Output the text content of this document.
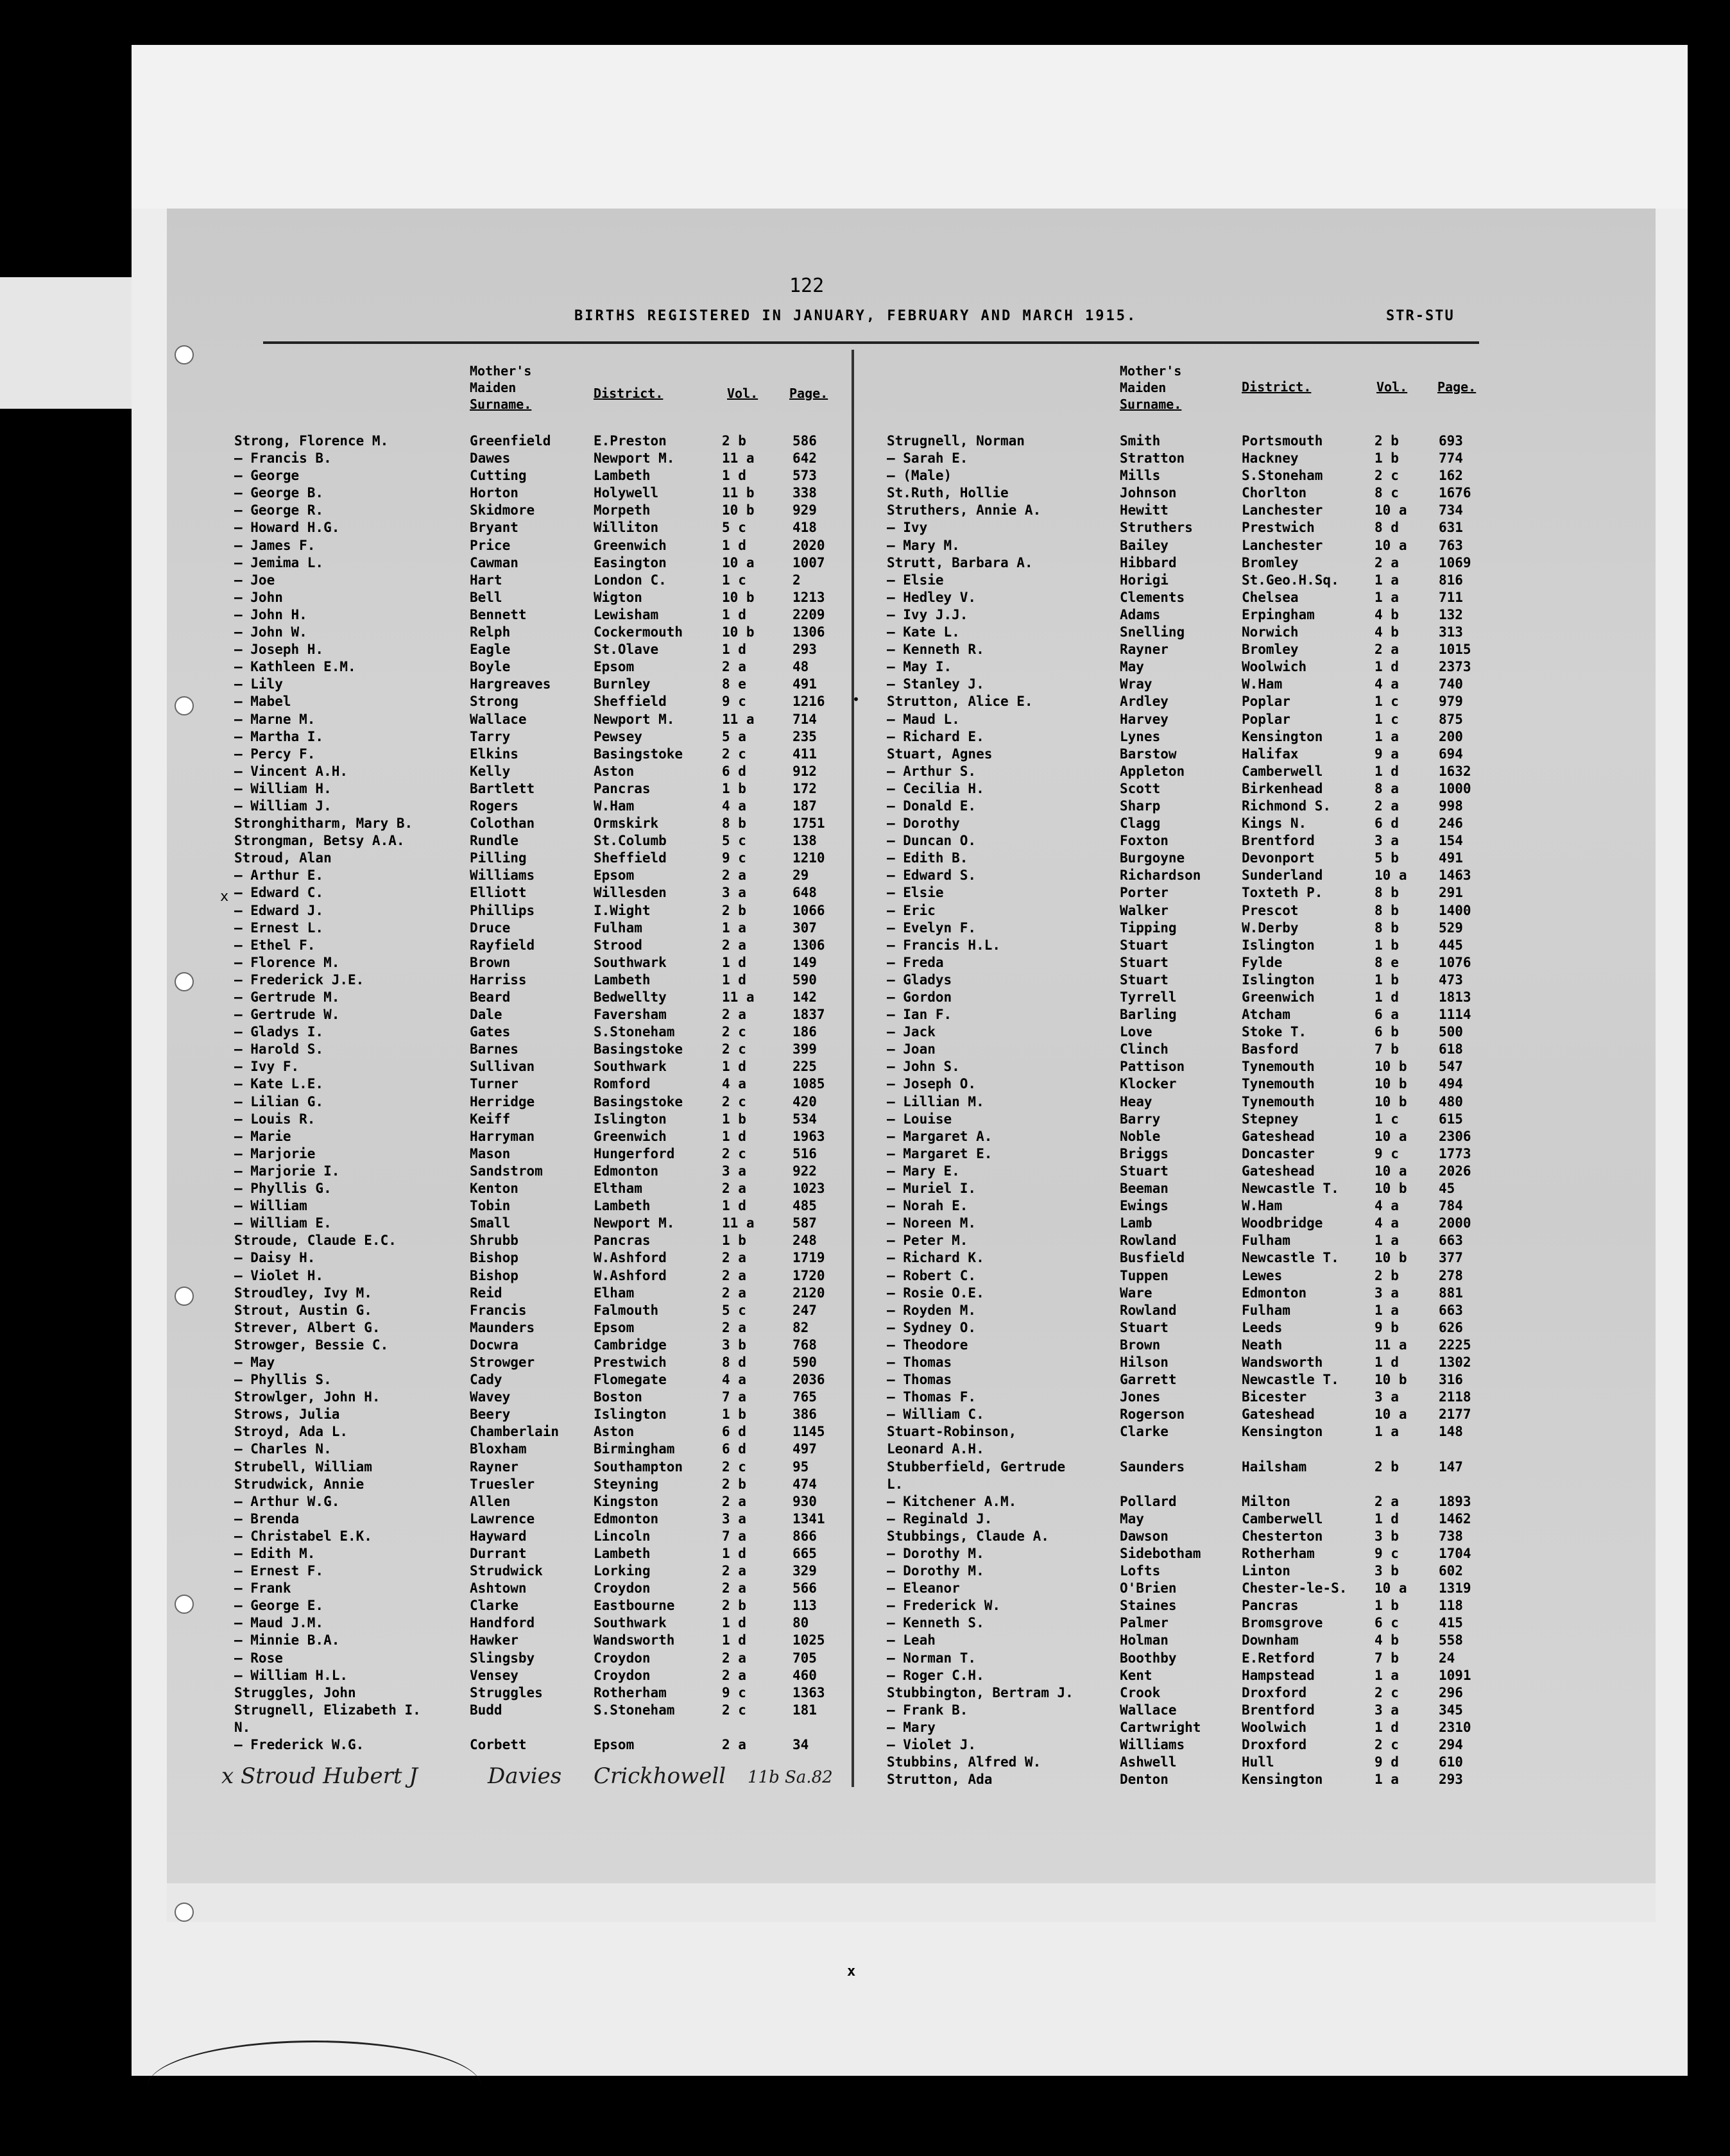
122
BIRTHS REGISTERED IN JANUARY, FEBRUARY AND MARCH 1915.	STR-STU
Mother's
Maiden
Surname.
District.	Vol. Page.
Mother's
Maiden
Surname.
District.	Vol. Page.
Strong, Florence M.	Greenfield	E.Preston	2 b	586
— Francis B.	Dawes	Newport M.	11 a	642
— George	Cutting	Lambeth	1 d	573
— George B.	Horton	Holywell	11 b	338
— George R.	Skidmore	Morpeth	10 b	929
— Howard H.G.	Bryant	Williton	5 c	418
— James F.	Price	Greenwich	1 d	2020
— Jemima L.	Cawman	Easington	10 a	1007
— Joe	Hart	London C.	1 c	2
— John	Bell	Wigton	10 b	1213
— John H.	Bennett	Lewisham	1 d	2209
— John W.	Relph	Cockermouth	10 b	1306
— Joseph H.	Eagle	St.Olave	1 d	293
— Kathleen E.M.	Boyle	Epsom	2 a	48
— Lily	Hargreaves	Burnley	8 e	491
— Mabel	Strong	Sheffield	9 c	1216
— Marne M.	Wallace	Newport M.	11 a	714
— Martha I.	Tarry	Pewsey	5 a	235
— Percy F.	Elkins	Basingstoke	2 c	411
— Vincent A.H.	Kelly	Aston	6 d	912
— William H.	Bartlett	Pancras	1 b	172
— William J.	Rogers	W.Ham	4 a	187
Stronghitharm, Mary B.	Colothan	Ormskirk	8 b	1751
Strongman, Betsy A.A.	Rundle	St.Columb	5 c	138
Stroud, Alan	Pilling	Sheffield	9 c	1210
— Arthur E.	Williams	Epsom	2 a	29
— Edward C.	Elliott	Willesden	3 a	648
— Edward J.	Phillips	I.Wight	2 b	1066
— Ernest L.	Druce	Fulham	1 a	307
— Ethel F.	Rayfield	Strood	2 a	1306
— Florence M.	Brown	Southwark	1 d	149
— Frederick J.E.	Harriss	Lambeth	1 d	590
— Gertrude M.	Beard	Bedwellty	11 a	142
— Gertrude W.	Dale	Faversham	2 a	1837
— Gladys I.	Gates	S.Stoneham	2 c	186
— Harold S.	Barnes	Basingstoke	2 c	399
— Ivy F.	Sullivan	Southwark	1 d	225
— Kate L.E.	Turner	Romford	4 a	1085
— Lilian G.	Herridge	Basingstoke	2 c	420
— Louis R.	Keiff	Islington	1 b	534
— Marie	Harryman	Greenwich	1 d	1963
— Marjorie	Mason	Hungerford	2 c	516
— Marjorie I.	Sandstrom	Edmonton	3 a	922
— Phyllis G.	Kenton	Eltham	2 a	1023
— William	Tobin	Lambeth	1 d	485
— William E.	Small	Newport M.	11 a	587
Stroude, Claude E.C.	Shrubb	Pancras	1 b	248
— Daisy H.	Bishop	W.Ashford	2 a	1719
— Violet H.	Bishop	W.Ashford	2 a	1720
Stroudley, Ivy M.	Reid	Elham	2 a	2120
Strout, Austin G.	Francis	Falmouth	5 c	247
Strever, Albert G.	Maunders	Epsom	2 a	82
Strowger, Bessie C.	Docwra	Cambridge	3 b	768
— May	Strowger	Prestwich	8 d	590
— Phyllis S.	Cady	Flomegate	4 a	2036
Strowlger, John H.	Wavey	Boston	7 a	765
Strows, Julia	Beery	Islington	1 b	386
Stroyd, Ada L.	Chamberlain	Aston	6 d	1145
— Charles N.	Bloxham	Birmingham	6 d	497
Strubell, William	Rayner	Southampton	2 c	95
Strudwick, Annie	Truesler	Steyning	2 b	474
— Arthur W.G.	Allen	Kingston	2 a	930
— Brenda	Lawrence	Edmonton	3 a	1341
— Christabel E.K.	Hayward	Lincoln	7 a	866
— Edith M.	Durrant	Lambeth	1 d	665
— Ernest F.	Strudwick	Lorking	2 a	329
— Frank	Ashtown	Croydon	2 a	566
— George E.	Clarke	Eastbourne	2 b	113
— Maud J.M.	Handford	Southwark	1 d	80
— Minnie B.A.	Hawker	Wandsworth	1 d	1025
— Rose	Slingsby	Croydon	2 a	705
— William H.L.	Vensey	Croydon	2 a	460
Struggles, John	Struggles	Rotherham	9 c	1363
Strugnell, Elizabeth I.	Budd	S.Stoneham	2 c	181
N.
— Frederick W.G.	Corbett	Epsom	2 a	34
Strugnell, Norman	Smith	Portsmouth	2 b	693
— Sarah E.	Stratton	Hackney	1 b	774
— (Male)	Mills	S.Stoneham	2 c	162
St.Ruth, Hollie	Johnson	Chorlton	8 c	1676
Struthers, Annie A.	Hewitt	Lanchester	10 a 734
— Ivy	Struthers	Prestwich	8 d	631
— Mary M.	Bailey	Lanchester	10 a 763
Strutt, Barbara A.	Hibbard	Bromley	2 a	1069
— Elsie	Horigi	St.Geo.H.Sq.	1 a	816
— Hedley V.	Clements	Chelsea	1 a	711
— Ivy J.J.	Adams	Erpingham	4 b	132
— Kate L.	Snelling	Norwich	4 b	313
— Kenneth R.	Rayner	Bromley	2 a	1015
— May I.	May	Woolwich	1 d	2373
— Stanley J.	Wray	W.Ham	4 a	740
Strutton, Alice E.	Ardley	Poplar	1 c	979
— Maud L.	Harvey	Poplar	1 c	875
— Richard E.	Lynes	Kensington	1 a	200
Stuart, Agnes	Barstow	Halifax	9 a	694
— Arthur S.	Appleton	Camberwell	1 d	1632
— Cecilia H.	Scott	Birkenhead	8 a	1000
— Donald E.	Sharp	Richmond S.	2 a	998
— Dorothy	Clagg	Kings N.	6 d	246
— Duncan O.	Foxton	Brentford	3 a	154
— Edith B.	Burgoyne	Devonport	5 b	491
— Edward S.	Richardson	Sunderland	10 a 1463
— Elsie	Porter	Toxteth P.	8 b	291
— Eric	Walker	Prescot	8 b	1400
— Evelyn F.	Tipping	W.Derby	8 b	529
— Francis H.L.	Stuart	Islington	1 b	445
— Freda	Stuart	Fylde	8 e	1076
— Gladys	Stuart	Islington	1 b	473
— Gordon	Tyrrell	Greenwich	1 d	1813
— Ian F.	Barling	Atcham	6 a	1114
— Jack	Love	Stoke T.	6 b	500
— Joan	Clinch	Basford	7 b	618
— John S.	Pattison	Tynemouth	10 b 547
— Joseph O.	Klocker	Tynemouth	10 b 494
— Lillian M.	Heay	Tynemouth	10 b 480
— Louise	Barry	Stepney	1 c	615
— Margaret A.	Noble	Gateshead	10 a 2306
— Margaret E.	Briggs	Doncaster	9 c	1773
— Mary E.	Stuart	Gateshead	10 a 2026
— Muriel I.	Beeman	Newcastle T.	10 b 45
— Norah E.	Ewings	W.Ham	4 a	784
— Noreen M.	Lamb	Woodbridge	4 a	2000
— Peter M.	Rowland	Fulham	1 a	663
— Richard K.	Busfield	Newcastle T.	10 b 377
— Robert C.	Tuppen	Lewes	2 b	278
— Rosie O.E.	Ware	Edmonton	3 a	881
— Royden M.	Rowland	Fulham	1 a	663
— Sydney O.	Stuart	Leeds	9 b	626
— Theodore	Brown	Neath	11 a 2225
— Thomas	Hilson	Wandsworth	1 d	1302
— Thomas	Garrett	Newcastle T.	10 b 316
— Thomas F.	Jones	Bicester	3 a	2118
— William C.	Rogerson	Gateshead	10 a 2177
Stuart-Robinson,	Clarke	Kensington	1 a	148
Leonard A.H.
Stubberfield, Gertrude	Saunders	Hailsham	2 b	147
L.
— Kitchener A.M.	Pollard	Milton	2 a	1893
— Reginald J.	May	Camberwell	1 d	1462
Stubbings, Claude A.	Dawson	Chesterton	3 b	738
— Dorothy M.	Sidebotham	Rotherham	9 c	1704
— Dorothy M.	Lofts	Linton	3 b	602
— Eleanor	O'Brien	Chester-le-S. 10 a 1319
— Frederick W.	Staines	Pancras	1 b	118
— Kenneth S.	Palmer	Bromsgrove	6 c	415
— Leah	Holman	Downham	4 b	558
— Norman T.	Boothby	E.Retford	7 b	24
— Roger C.H.	Kent	Hampstead	1 a	1091
Stubbington, Bertram J.	Crook	Droxford	2 c	296
— Frank B.	Wallace	Brentford	3 a	345
— Mary	Cartwright	Woolwich	1 d	2310
— Violet J.	Williams	Droxford	2 c	294
Stubbins, Alfred W.	Ashwell	Hull	9 d	610
Strutton, Ada	Denton	Kensington	1 a	293
x
•
x Stroud Hubert J	Davies Crickhowell 11b Sa.82
x
